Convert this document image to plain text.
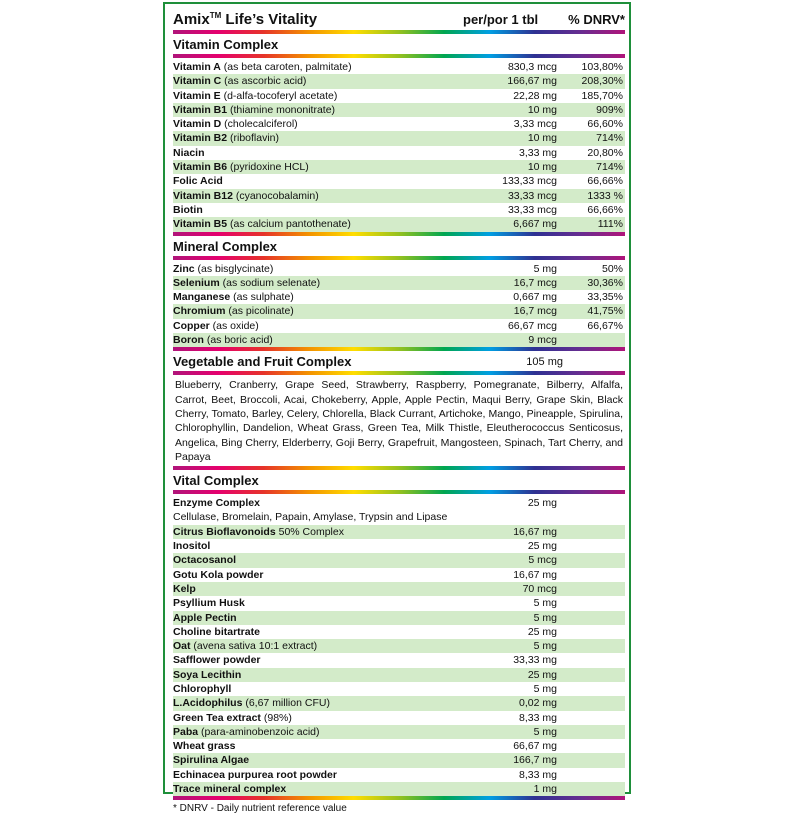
Amix™ Life’s Vitality	per/por 1 tbl	% DNRV*
Vitamin Complex
Vitamin A (as beta caroten, palmitate)	830,3 mcg	103,80%
Vitamin C (as ascorbic acid)	166,67 mg	208,30%
Vitamin E (d-alfa-tocoferyl acetate)	22,28 mg	185,70%
Vitamin B1 (thiamine mononitrate)	10 mg	909%
Vitamin D (cholecalciferol)	3,33 mcg	66,60%
Vitamin B2 (riboflavin)	10 mg	714%
Niacin	3,33 mg	20,80%
Vitamin B6 (pyridoxine HCL)	10 mg	714%
Folic Acid	133,33 mcg	66,66%
Vitamin B12 (cyanocobalamin)	33,33 mcg	1333 %
Biotin	33,33 mcg	66,66%
Vitamin B5 (as calcium pantothenate)	6,667 mg	111%
Mineral Complex
Zinc (as bisglycinate)	5 mg	50%
Selenium (as sodium selenate)	16,7 mcg	30,36%
Manganese (as sulphate)	0,667 mg	33,35%
Chromium (as picolinate)	16,7 mcg	41,75%
Copper (as oxide)	66,67 mcg	66,67%
Boron (as boric acid)	9 mcg
Vegetable and Fruit Complex	105 mg
Blueberry, Cranberry, Grape Seed, Strawberry, Raspberry, Pomegranate, Bilberry, Alfalfa, Carrot, Beet, Broccoli, Acai, Chokeberry, Apple, Apple Pectin, Maqui Berry, Grape Skin, Black Cherry, Tomato, Barley, Celery, Chlorella, Black Currant, Artichoke, Mango, Pineapple, Spirulina, Chlorophyllin, Dandelion, Wheat Grass, Green Tea, Milk Thistle, Eleutherococcus Senticosus, Angelica, Bing Cherry, Elderberry, Goji Berry, Grapefruit, Mangosteen, Spinach, Tart Cherry, and Papaya
Vital Complex
Enzyme Complex	25 mg
Cellulase, Bromelain, Papain, Amylase, Trypsin and Lipase
Citrus Bioflavonoids 50% Complex	16,67 mg
Inositol	25 mg
Octacosanol	5 mcg
Gotu Kola powder	16,67 mg
Kelp	70 mcg
Psyllium Husk	5 mg
Apple Pectin	5 mg
Choline bitartrate	25 mg
Oat (avena sativa 10:1 extract)	5 mg
Safflower powder	33,33 mg
Soya Lecithin	25 mg
Chlorophyll	5 mg
L.Acidophilus (6,67 million CFU)	0,02 mg
Green Tea extract (98%)	8,33 mg
Paba (para-aminobenzoic acid)	5 mg
Wheat grass	66,67 mg
Spirulina Algae	166,7 mg
Echinacea purpurea root powder	8,33 mg
Trace mineral complex	1 mg
* DNRV - Daily nutrient reference value
